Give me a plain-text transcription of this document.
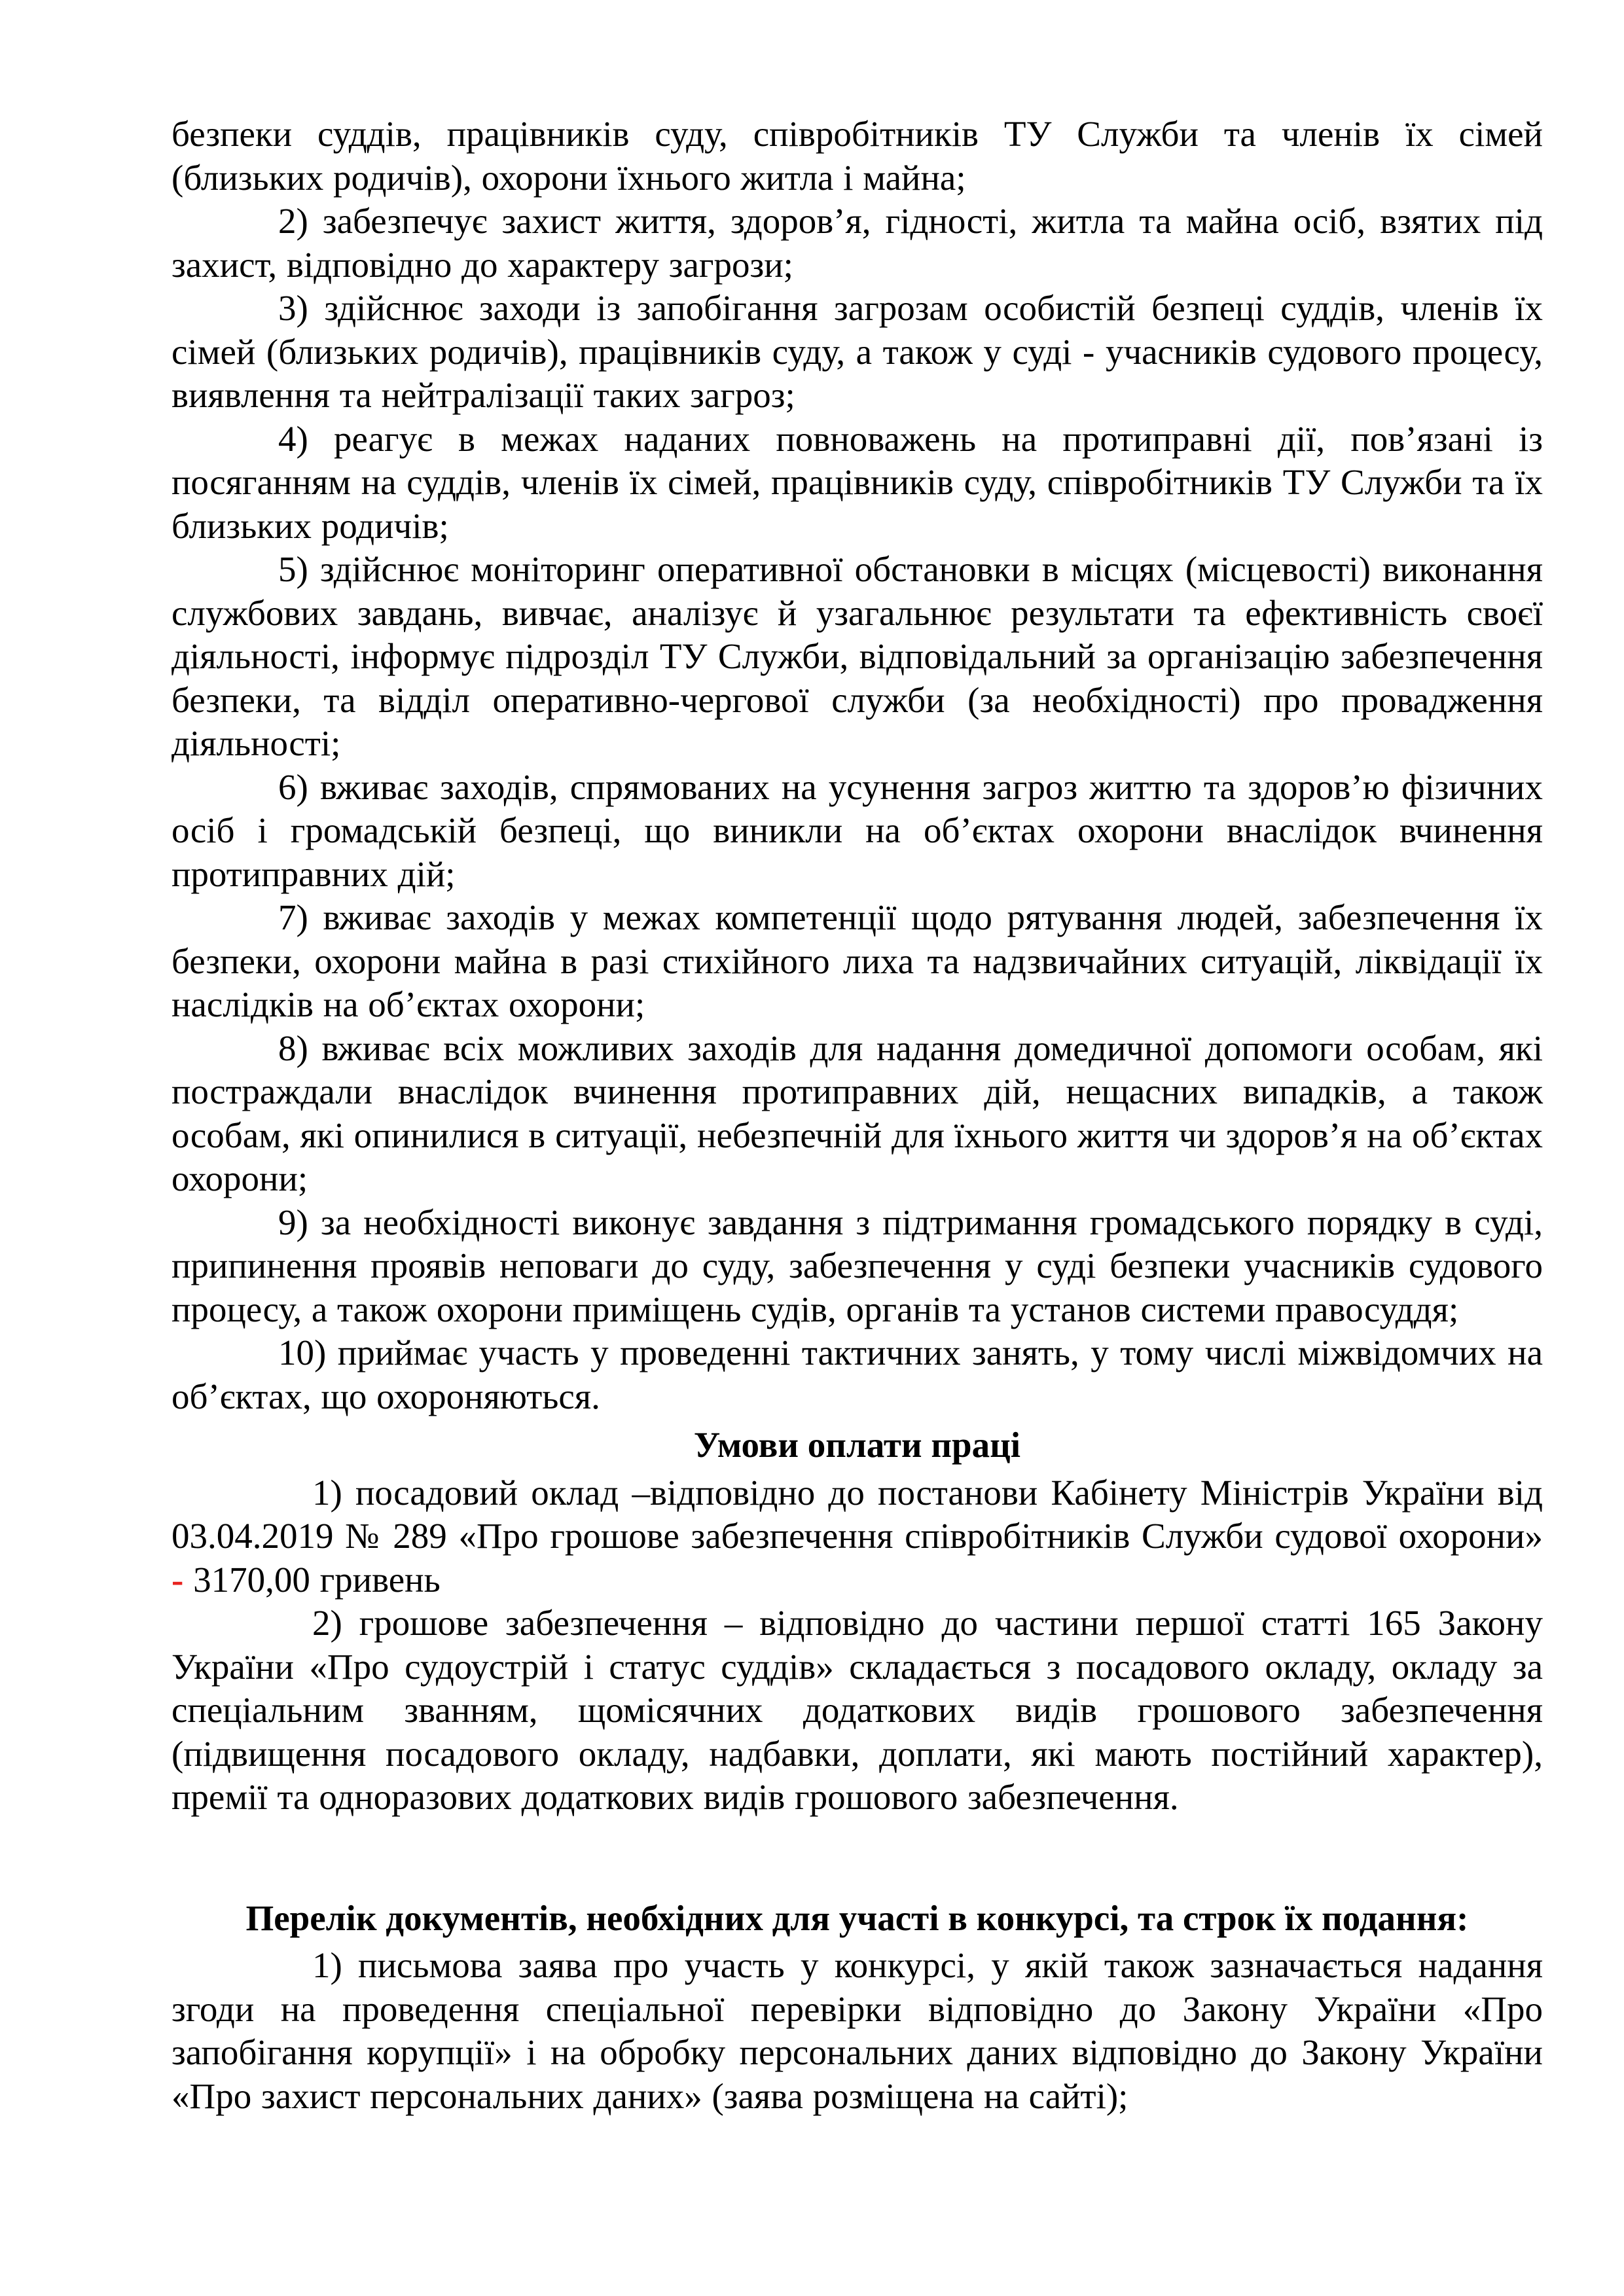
безпеки суддів, працівників суду, співробітників ТУ Служби та членів їх сімей (близьких родичів), охорони їхнього житла і майна;

2) забезпечує захист життя, здоров’я, гідності, житла та майна осіб, взятих під захист, відповідно до характеру загрози;

3) здійснює заходи із запобігання загрозам особистій безпеці суддів, членів їх сімей (близьких родичів), працівників суду, а також у суді - учасників судового процесу, виявлення та нейтралізації таких загроз;

4) реагує в межах наданих повноважень на протиправні дії, пов’язані із посяганням на суддів, членів їх сімей, працівників суду, співробітників ТУ Служби та їх близьких родичів;

5) здійснює моніторинг оперативної обстановки в місцях (місцевості) виконання службових завдань, вивчає, аналізує й узагальнює результати та ефективність своєї діяльності, інформує підрозділ ТУ Служби, відповідальний за організацію забезпечення безпеки, та відділ оперативно-чергової служби (за необхідності) про провадження діяльності;

6) вживає заходів, спрямованих на усунення загроз життю та здоров’ю фізичних осіб і громадській безпеці, що виникли на об’єктах охорони внаслідок вчинення протиправних дій;

7) вживає заходів у межах компетенції щодо рятування людей, забезпечення їх безпеки, охорони майна в разі стихійного лиха та надзвичайних ситуацій, ліквідації їх наслідків на об’єктах охорони;

8) вживає всіх можливих заходів для надання домедичної допомоги особам, які постраждали внаслідок вчинення протиправних дій, нещасних випадків, а також особам, які опинилися в ситуації, небезпечній для їхнього життя чи здоров’я на об’єктах охорони;

9) за необхідності виконує завдання з підтримання громадського порядку в суді, припинення проявів неповаги до суду, забезпечення у суді безпеки учасників судового процесу, а також охорони приміщень судів, органів та установ системи правосуддя;

10) приймає участь у проведенні тактичних занять, у тому числі міжвідомчих на об’єктах, що охороняються.

Умови оплати праці

1) посадовий оклад –відповідно до постанови Кабінету Міністрів України від 03.04.2019 № 289 «Про грошове забезпечення співробітників Служби судової охорони» - 3170,00 гривень

2) грошове забезпечення – відповідно до частини першої статті 165 Закону України «Про судоустрій і статус суддів» складається з посадового окладу, окладу за спеціальним званням, щомісячних додаткових видів грошового забезпечення (підвищення посадового окладу, надбавки, доплати, які мають постійний характер), премії та одноразових додаткових видів грошового забезпечення.

Перелік документів, необхідних для участі в конкурсі, та строк їх подання:

1) письмова заява про участь у конкурсі, у якій також зазначається надання згоди на проведення спеціальної перевірки відповідно до Закону України «Про запобігання корупції» і на обробку персональних даних відповідно до Закону України «Про захист персональних даних» (заява розміщена на сайті);
